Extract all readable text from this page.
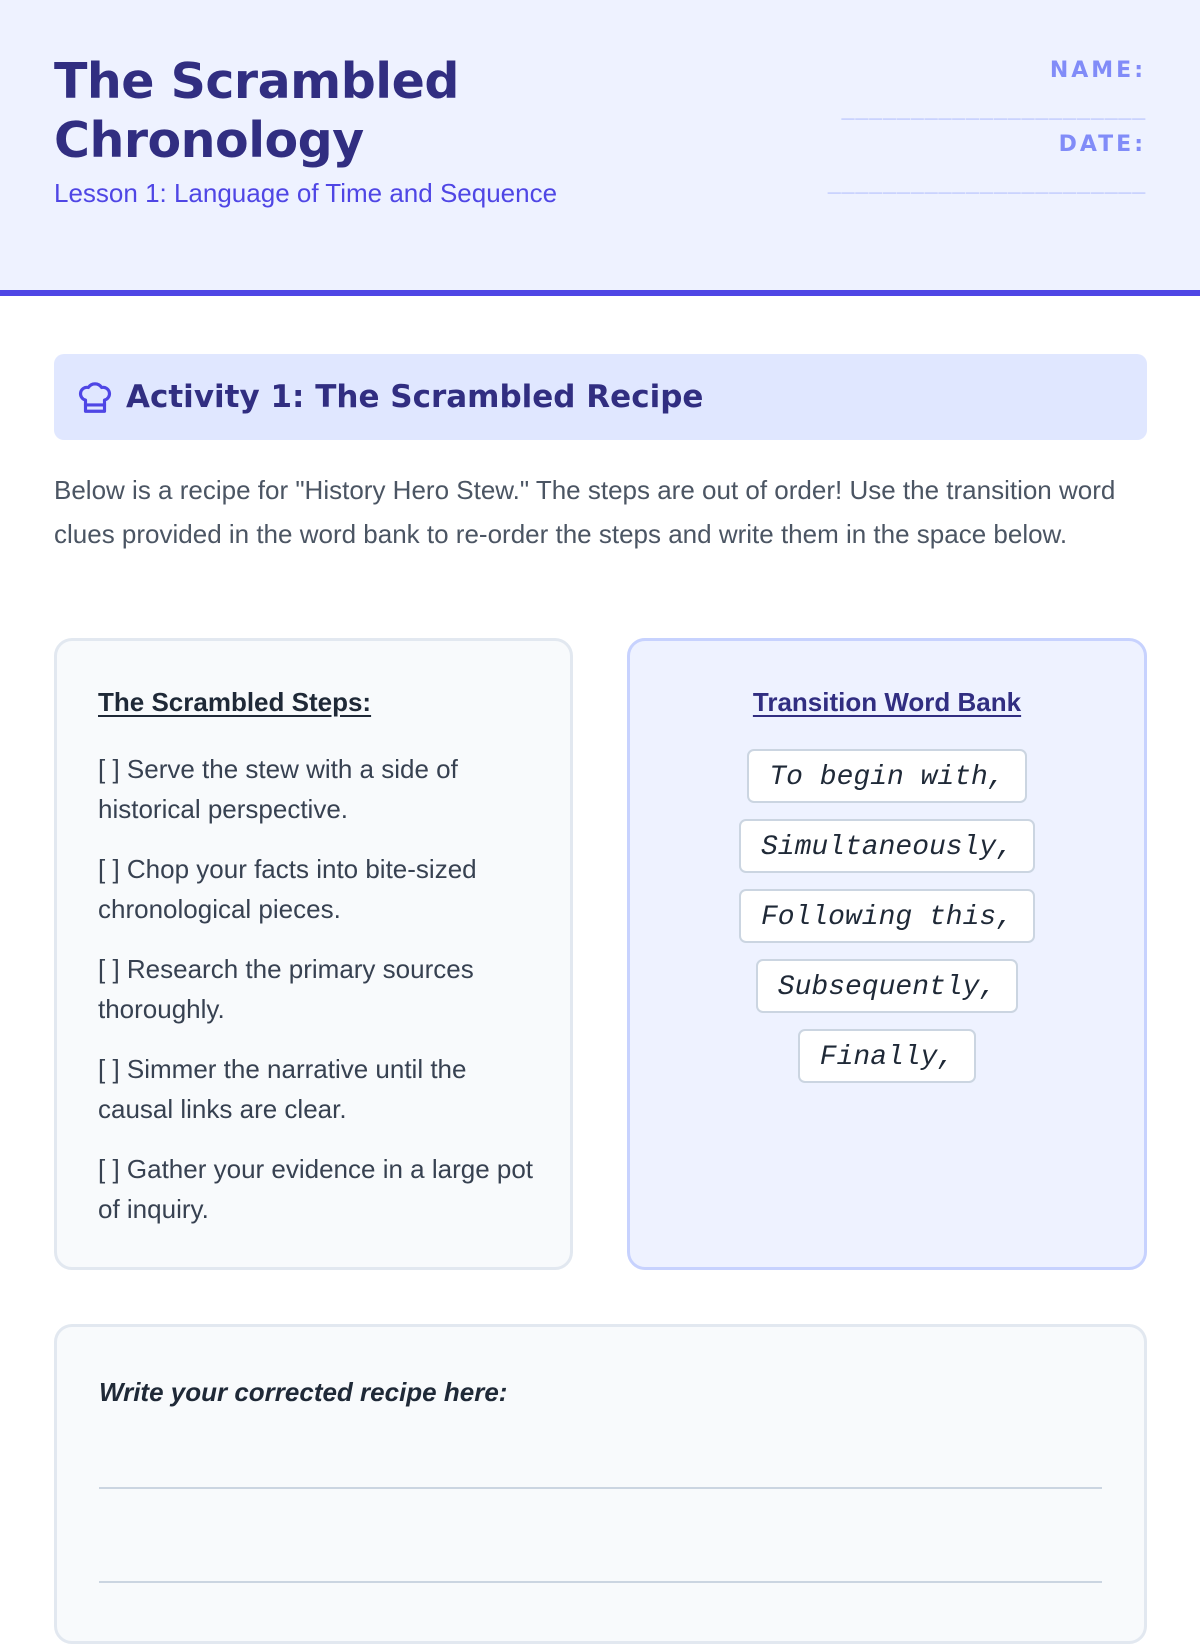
The Scrambled Chronology
Lesson 1: Language of Time and Sequence
NAME:
______________________
DATE:
_______________________
Activity 1: The Scrambled Recipe

Below is a recipe for "History Hero Stew." The steps are out of order! Use the transition word clues provided in the word bank to re-order the steps and write them in the space below.

The Scrambled Steps:
[ ] Serve the stew with a side of historical perspective.
[ ] Chop your facts into bite-sized chronological pieces.
[ ] Research the primary sources thoroughly.
[ ] Simmer the narrative until the causal links are clear.
[ ] Gather your evidence in a large pot of inquiry.
Transition Word Bank
To begin with,
Simultaneously,
Following this,
Subsequently,
Finally,
Write your corrected recipe here:
